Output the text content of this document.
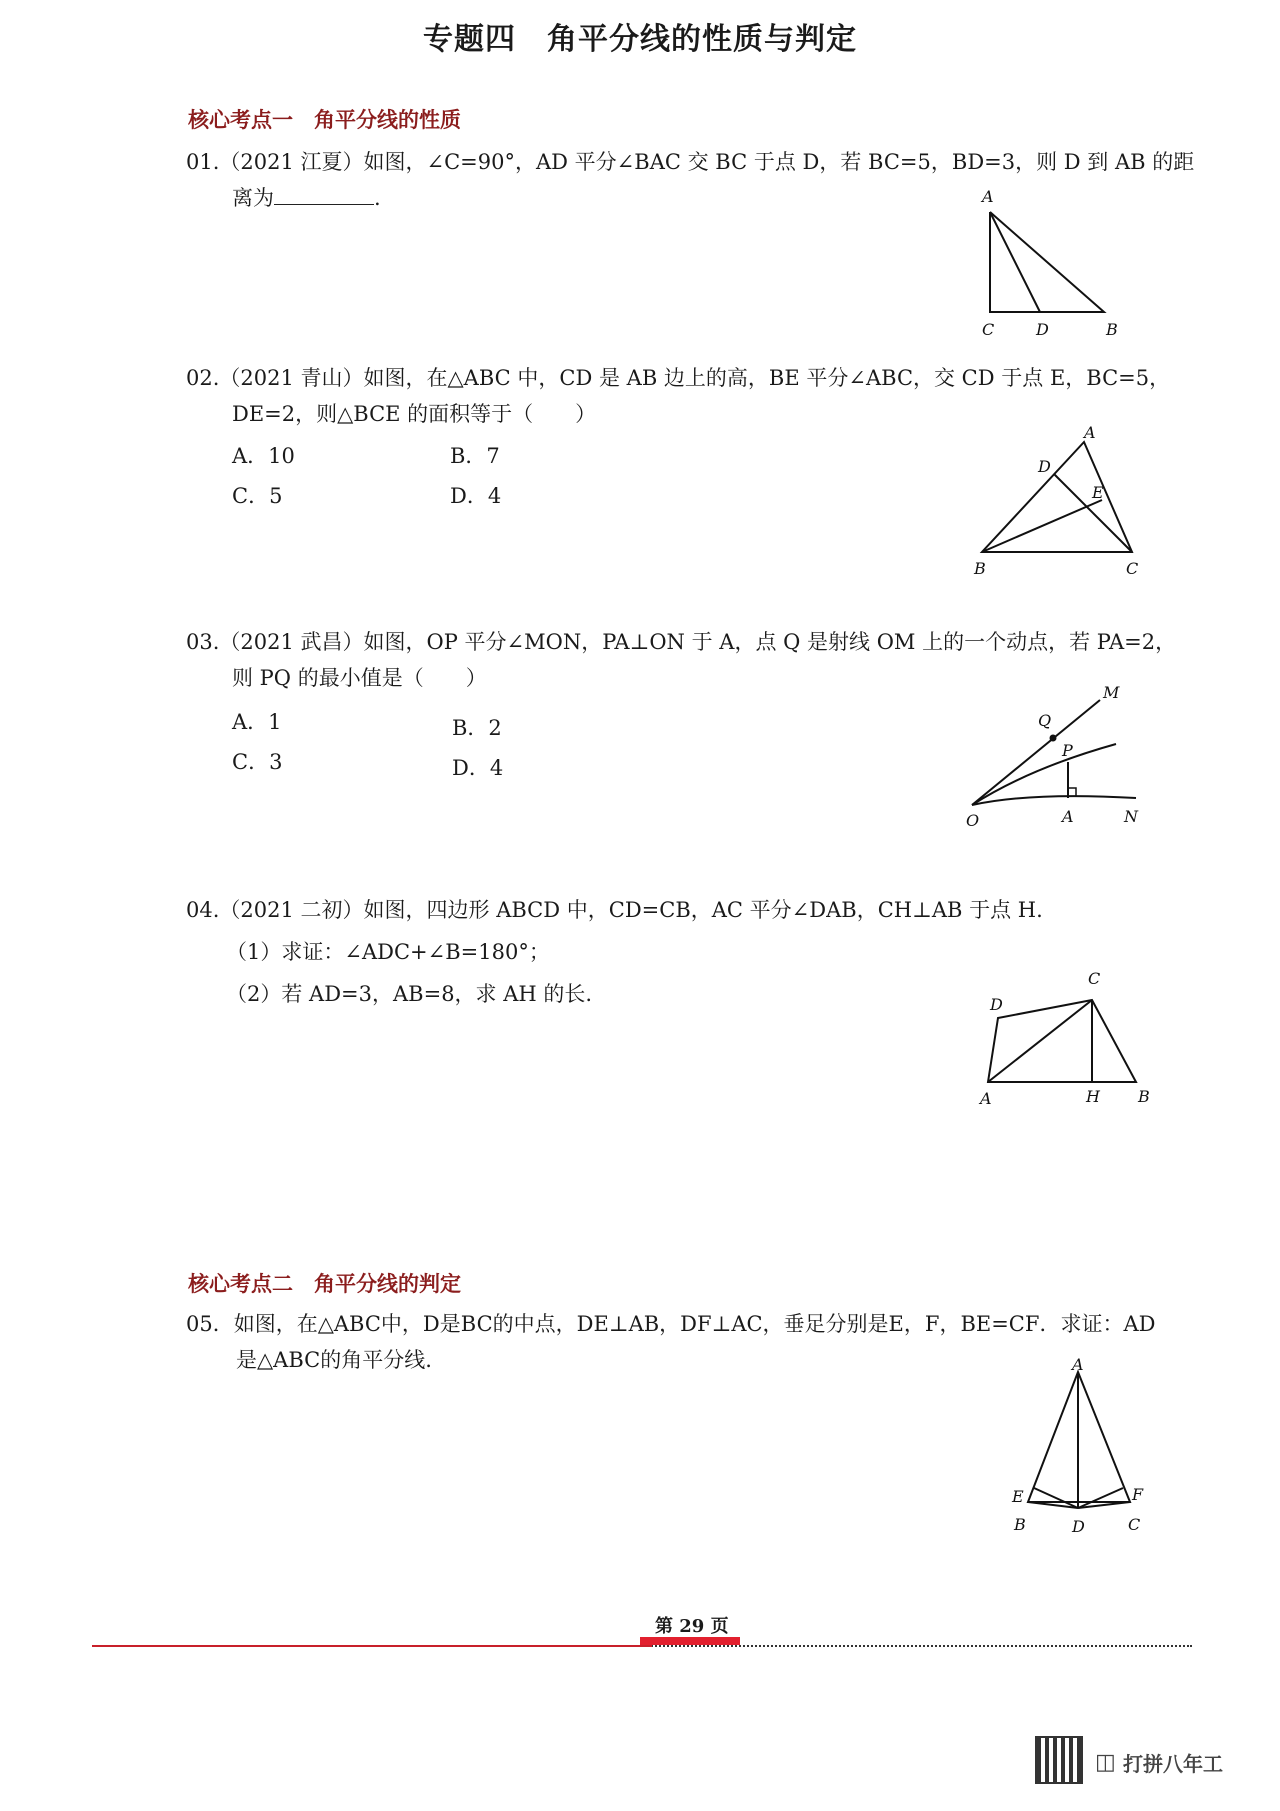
专题四　角平分线的性质与判定
核心考点一　角平分线的性质
01.（2021 江夏）如图，∠C=90°，AD 平分∠BAC 交 BC 于点 D，若 BC=5，BD=3，则 D 到 AB 的距
离为	.	A
C	D	B
02.（2021 青山）如图，在△ABC 中，CD 是 AB 边上的高，BE 平分∠ABC，交 CD 于点 E，BC=5，
DE=2，则△BCE 的面积等于（　　）
A．10	B．7
C．5	D．4
A
D
E
B	C
03.（2021 武昌）如图，OP 平分∠MON，PA⊥ON 于 A，点 Q 是射线 OM 上的一个动点，若 PA=2，
则 PQ 的最小值是（　　）
A．1	B．2
C．3	D．4
M
Q
P
O	A	N
04.（2021 二初）如图，四边形 ABCD 中，CD=CB，AC 平分∠DAB，CH⊥AB 于点 H.
（1）求证：∠ADC+∠B=180°；
（2）若 AD=3，AB=8，求 AH 的长.
C
D
A	H B
核心考点二　角平分线的判定
05．如图，在△ABC中，D是BC的中点，DE⊥AB，DF⊥AC，垂足分别是E，F，BE=CF．求证：AD
是△ABC的角平分线.	A
E	F
B	D	C
第 29 页
◫ 打拼八年工
